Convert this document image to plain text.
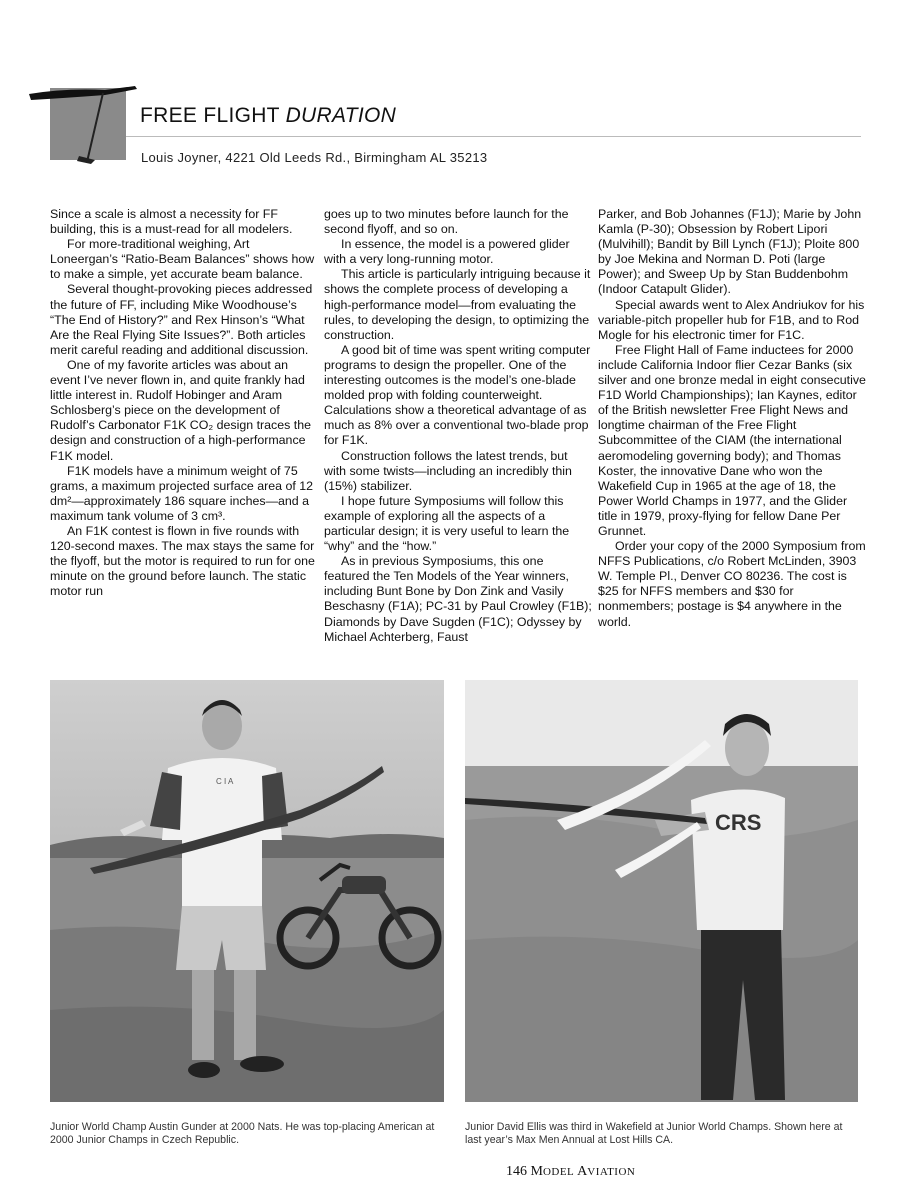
FREE FLIGHT DURATION
Louis Joyner, 4221 Old Leeds Rd., Birmingham AL 35213

Since a scale is almost a necessity for FF building, this is a must-read for all modelers.

For more-traditional weighing, Art Loneergan’s “Ratio-Beam Balances” shows how to make a simple, yet accurate beam balance.

Several thought-provoking pieces addressed the future of FF, including Mike Woodhouse’s “The End of History?” and Rex Hinson’s “What Are the Real Flying Site Issues?”. Both articles merit careful reading and additional discussion.

One of my favorite articles was about an event I’ve never flown in, and quite frankly had little interest in. Rudolf Hobinger and Aram Schlosberg’s piece on the development of Rudolf’s Carbonator F1K CO₂ design traces the design and construction of a high-performance F1K model.

F1K models have a minimum weight of 75 grams, a maximum projected surface area of 12 dm²—approximately 186 square inches—and a maximum tank volume of 3 cm³.

An F1K contest is flown in five rounds with 120-second maxes. The max stays the same for the flyoff, but the motor is required to run for one minute on the ground before launch. The static motor run

goes up to two minutes before launch for the second flyoff, and so on.

In essence, the model is a powered glider with a very long-running motor.

This article is particularly intriguing because it shows the complete process of developing a high-performance model—from evaluating the rules, to developing the design, to optimizing the construction.

A good bit of time was spent writing computer programs to design the propeller. One of the interesting outcomes is the model’s one-blade molded prop with folding counterweight. Calculations show a theoretical advantage of as much as 8% over a conventional two-blade prop for F1K.

Construction follows the latest trends, but with some twists—including an incredibly thin (15%) stabilizer.

I hope future Symposiums will follow this example of exploring all the aspects of a particular design; it is very useful to learn the “why” and the “how.”

As in previous Symposiums, this one featured the Ten Models of the Year winners, including Bunt Bone by Don Zink and Vasily Beschasny (F1A); PC-31 by Paul Crowley (F1B); Diamonds by Dave Sugden (F1C); Odyssey by Michael Achterberg, Faust

Parker, and Bob Johannes (F1J); Marie by John Kamla (P-30); Obsession by Robert Lipori (Mulvihill); Bandit by Bill Lynch (F1J); Ploite 800 by Joe Mekina and Norman D. Poti (large Power); and Sweep Up by Stan Buddenbohm (Indoor Catapult Glider).

Special awards went to Alex Andriukov for his variable-pitch propeller hub for F1B, and to Rod Mogle for his electronic timer for F1C.

Free Flight Hall of Fame inductees for 2000 include California Indoor flier Cezar Banks (six silver and one bronze medal in eight consecutive F1D World Championships); Ian Kaynes, editor of the British newsletter Free Flight News and longtime chairman of the Free Flight Subcommittee of the CIAM (the international aeromodeling governing body); and Thomas Koster, the innovative Dane who won the Wakefield Cup in 1965 at the age of 18, the Power World Champs in 1977, and the Glider title in 1979, proxy-flying for fellow Dane Per Grunnet.

Order your copy of the 2000 Symposium from NFFS Publications, c/o Robert McLinden, 3903 W. Temple Pl., Denver CO 80236. The cost is $25 for NFFS members and $30 for nonmembers; postage is $4 anywhere in the world.

C I A
CRS
Junior World Champ Austin Gunder at 2000 Nats. He was top-placing American at 2000 Junior Champs in Czech Republic.
Junior David Ellis was third in Wakefield at Junior World Champs. Shown here at last year’s Max Men Annual at Lost Hills CA.
146 MODEL AVIATION
